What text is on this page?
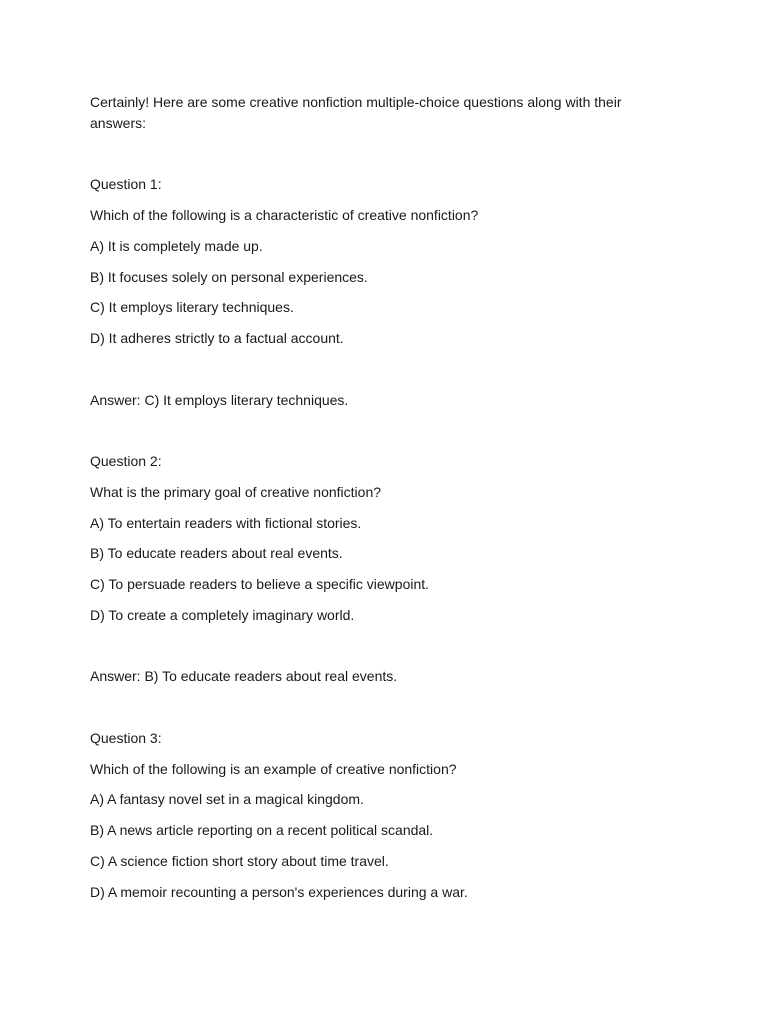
Certainly! Here are some creative nonfiction multiple-choice questions along with their answers:
Question 1:
Which of the following is a characteristic of creative nonfiction?
A) It is completely made up.
B) It focuses solely on personal experiences.
C) It employs literary techniques.
D) It adheres strictly to a factual account.
Answer: C) It employs literary techniques.
Question 2:
What is the primary goal of creative nonfiction?
A) To entertain readers with fictional stories.
B) To educate readers about real events.
C) To persuade readers to believe a specific viewpoint.
D) To create a completely imaginary world.
Answer: B) To educate readers about real events.
Question 3:
Which of the following is an example of creative nonfiction?
A) A fantasy novel set in a magical kingdom.
B) A news article reporting on a recent political scandal.
C) A science fiction short story about time travel.
D) A memoir recounting a person's experiences during a war.
